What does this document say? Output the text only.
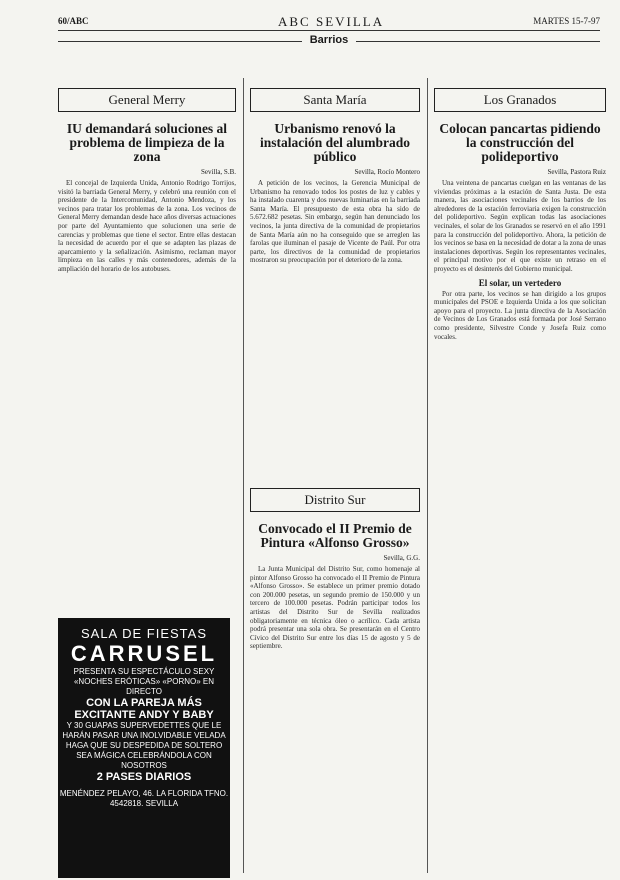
60/ABC	ABC SEVILLA	MARTES 15-7-97
Barrios
General Merry
IU demandará soluciones al problema de limpieza de la zona
Sevilla, S.B.

El concejal de Izquierda Unida, Antonio Rodrigo Torrijos, visitó la barriada General Merry, y celebró una reunión con el presidente de la Intercomunidad, Antonio Mendoza, y los vecinos para tratar los problemas de la zona. Los vecinos de General Merry demandan desde hace años diversas actuaciones por parte del Ayuntamiento que solucionen una serie de carencias y problemas que tiene el sector. Entre ellas destacan la necesidad de acuerdo por el que se adapten las plazas de aparcamiento y la señalización. Asimismo, reclaman mayor limpieza en las calles y más contenedores, además de la ampliación del horario de los autobuses.

SALA DE FIESTAS
CARRUSEL
PRESENTA SU ESPECTÁCULO SEXY «NOCHES ERÓTICAS» «PORNO» EN DIRECTO
CON LA PAREJA MÁS EXCITANTE ANDY Y BABY
Y 30 GUAPAS SUPERVEDETTES QUE LE HARÁN PASAR UNA INOLVIDABLE VELADA
HAGA QUE SU DESPEDIDA DE SOLTERO SEA MÁGICA CELEBRÁNDOLA CON NOSOTROS
2 PASES DIARIOS
MENÉNDEZ PELAYO, 46. LA FLORIDA TFNO. 4542818. SEVILLA
Santa María
Urbanismo renovó la instalación del alumbrado público
Sevilla, Rocío Montero

A petición de los vecinos, la Gerencia Municipal de Urbanismo ha renovado todos los postes de luz y cables y ha instalado cuarenta y dos nuevas luminarias en la barriada Santa María. El presupuesto de esta obra ha sido de 5.672.682 pesetas. Sin embargo, según han denunciado los vecinos, la junta directiva de la comunidad de propietarios de Santa María aún no ha conseguido que se arreglen las farolas que iluminan el pasaje de Vicente de Paúl. Por otra parte, los directivos de la comunidad de propietarios mostraron su preocupación por el deterioro de la zona.

Distrito Sur
Convocado el II Premio de Pintura «Alfonso Grosso»
Sevilla, G.G.

La Junta Municipal del Distrito Sur, como homenaje al pintor Alfonso Grosso ha convocado el II Premio de Pintura «Alfonso Grosso». Se establece un primer premio dotado con 200.000 pesetas, un segundo premio de 150.000 y un tercero de 100.000 pesetas. Podrán participar todos los artistas del Distrito Sur de Sevilla realizados obligatoriamente en técnica óleo o acrílico. Cada artista podrá presentar una sola obra. Se presentarán en el Centro Cívico del Distrito Sur entre los días 15 de agosto y 5 de septiembre.

Los Granados
Colocan pancartas pidiendo la construcción del polideportivo
Sevilla, Pastora Ruiz

Una veintena de pancartas cuelgan en las ventanas de las viviendas próximas a la estación de Santa Justa. De esta manera, las asociaciones vecinales de los barrios de los alrededores de la estación ferroviaria exigen la construcción del polideportivo. Según explican todas las asociaciones vecinales, el solar de los Granados se reservó en el año 1991 para la construcción del polideportivo. Ahora, la petición de los vecinos se basa en la necesidad de dotar a la zona de unas instalaciones deportivas. Según los representantes vecinales, el principal motivo por el que existe un retraso en el proyecto es el desinterés del Gobierno municipal.

El solar, un vertedero

Por otra parte, los vecinos se han dirigido a los grupos municipales del PSOE e Izquierda Unida a los que solicitan apoyo para el proyecto. La junta directiva de la Asociación de Vecinos de Los Granados está formada por José Serrano como presidente, Silvestre Conde y Josefa Ruiz como vocales.
